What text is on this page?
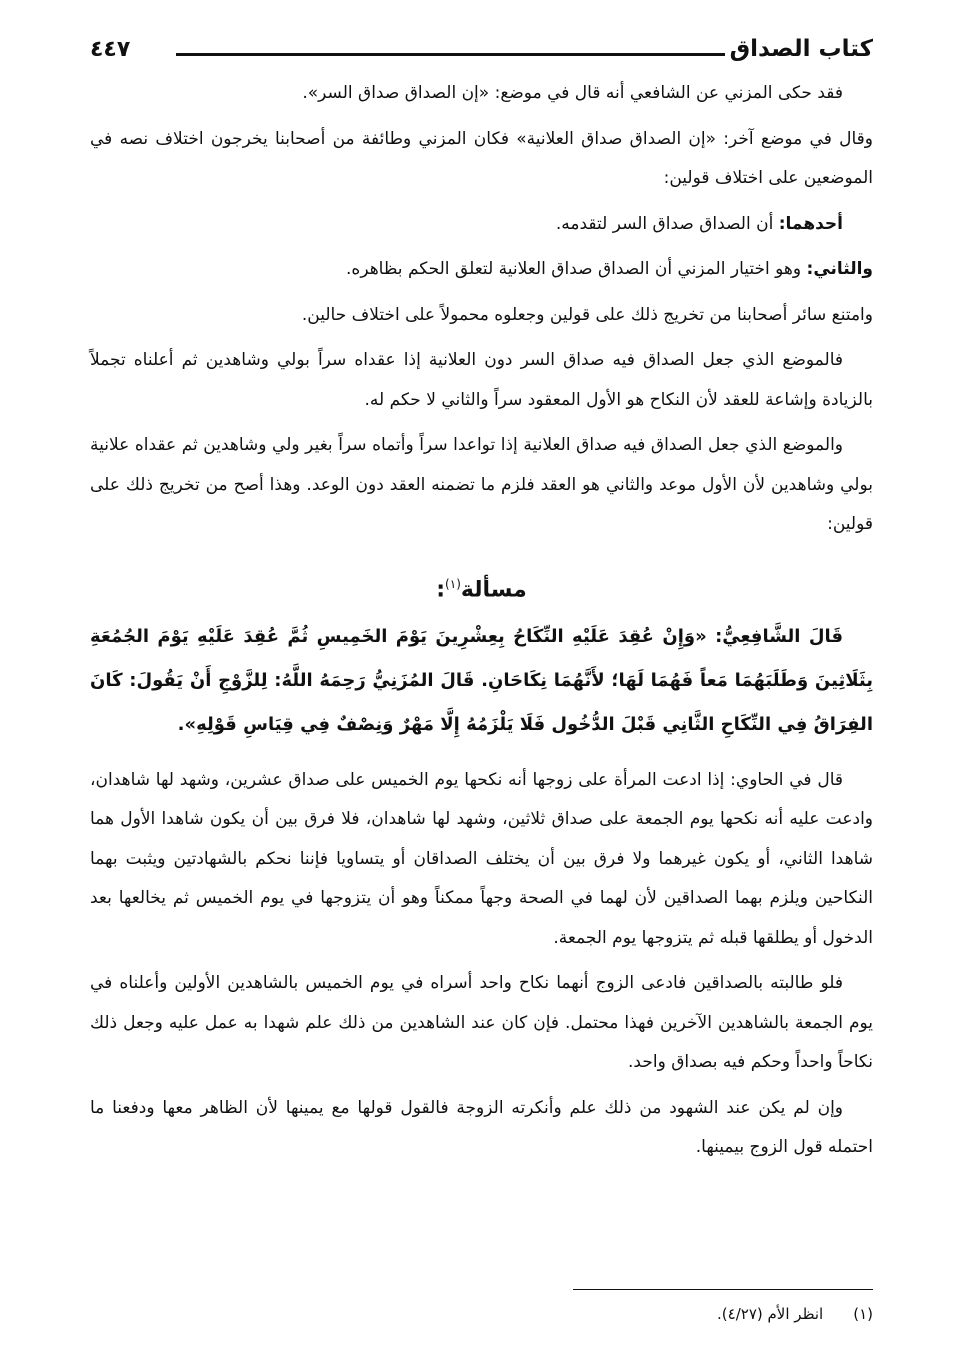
كتاب الصداق
٤٤٧

فقد حكى المزني عن الشافعي أنه قال في موضع: «إن الصداق صداق السر».

وقال في موضع آخر: «إن الصداق صداق العلانية» فكان المزني وطائفة من أصحابنا يخرجون اختلاف نصه في الموضعين على اختلاف قولين:

أحدهما: أن الصداق صداق السر لتقدمه.

والثاني: وهو اختيار المزني أن الصداق صداق العلانية لتعلق الحكم بظاهره.

وامتنع سائر أصحابنا من تخريج ذلك على قولين وجعلوه محمولاً على اختلاف حالين.

فالموضع الذي جعل الصداق فيه صداق السر دون العلانية إذا عقداه سراً بولي وشاهدين ثم أعلناه تجملاً بالزيادة وإشاعة للعقد لأن النكاح هو الأول المعقود سراً والثاني لا حكم له.

والموضع الذي جعل الصداق فيه صداق العلانية إذا تواعدا سراً وأتماه سراً بغير ولي وشاهدين ثم عقداه علانية بولي وشاهدين لأن الأول موعد والثاني هو العقد فلزم ما تضمنه العقد دون الوعد. وهذا أصح من تخريج ذلك على قولين:

مسألة$^{(١)}$:

قَالَ الشَّافِعِيُّ: «وَإِنْ عُقِدَ عَلَيْهِ النِّكَاحُ بِعِشْرِينَ يَوْمَ الخَمِيسِ ثُمَّ عُقِدَ عَلَيْهِ يَوْمَ الجُمُعَةِ بِثَلَاثِينَ وَطَلَبَهُمَا مَعاً فَهُمَا لَهَا؛ لأَنَّهُمَا نِكَاحَانِ. قَالَ المُزَنِيُّ رَحِمَهُ اللَّهُ: لِلزَّوْجِ أَنْ يَقُولَ: كَانَ الفِرَاقُ فِي النِّكَاحِ الثَّانِي قَبْلَ الدُّخُول فَلَا يَلْزَمُهُ إِلَّا مَهْرٌ وَنِصْفٌ فِي قِيَاسِ قَوْلِهِ».

قال في الحاوي: إذا ادعت المرأة على زوجها أنه نكحها يوم الخميس على صداق عشرين، وشهد لها شاهدان، وادعت عليه أنه نكحها يوم الجمعة على صداق ثلاثين، وشهد لها شاهدان، فلا فرق بين أن يكون شاهدا الأول هما شاهدا الثاني، أو يكون غيرهما ولا فرق بين أن يختلف الصداقان أو يتساويا فإننا نحكم بالشهادتين ويثبت بهما النكاحين ويلزم بهما الصداقين لأن لهما في الصحة وجهاً ممكناً وهو أن يتزوجها في يوم الخميس ثم يخالعها بعد الدخول أو يطلقها قبله ثم يتزوجها يوم الجمعة.

فلو طالبته بالصداقين فادعى الزوج أنهما نكاح واحد أسراه في يوم الخميس بالشاهدين الأولين وأعلناه في يوم الجمعة بالشاهدين الآخرين فهذا محتمل. فإن كان عند الشاهدين من ذلك علم شهدا به عمل عليه وجعل ذلك نكاحاً واحداً وحكم فيه بصداق واحد.

وإن لم يكن عند الشهود من ذلك علم وأنكرته الزوجة فالقول قولها مع يمينها لأن الظاهر معها ودفعنا ما احتمله قول الزوج بيمينها.

(١)انظر الأم (٤/٢٧).
